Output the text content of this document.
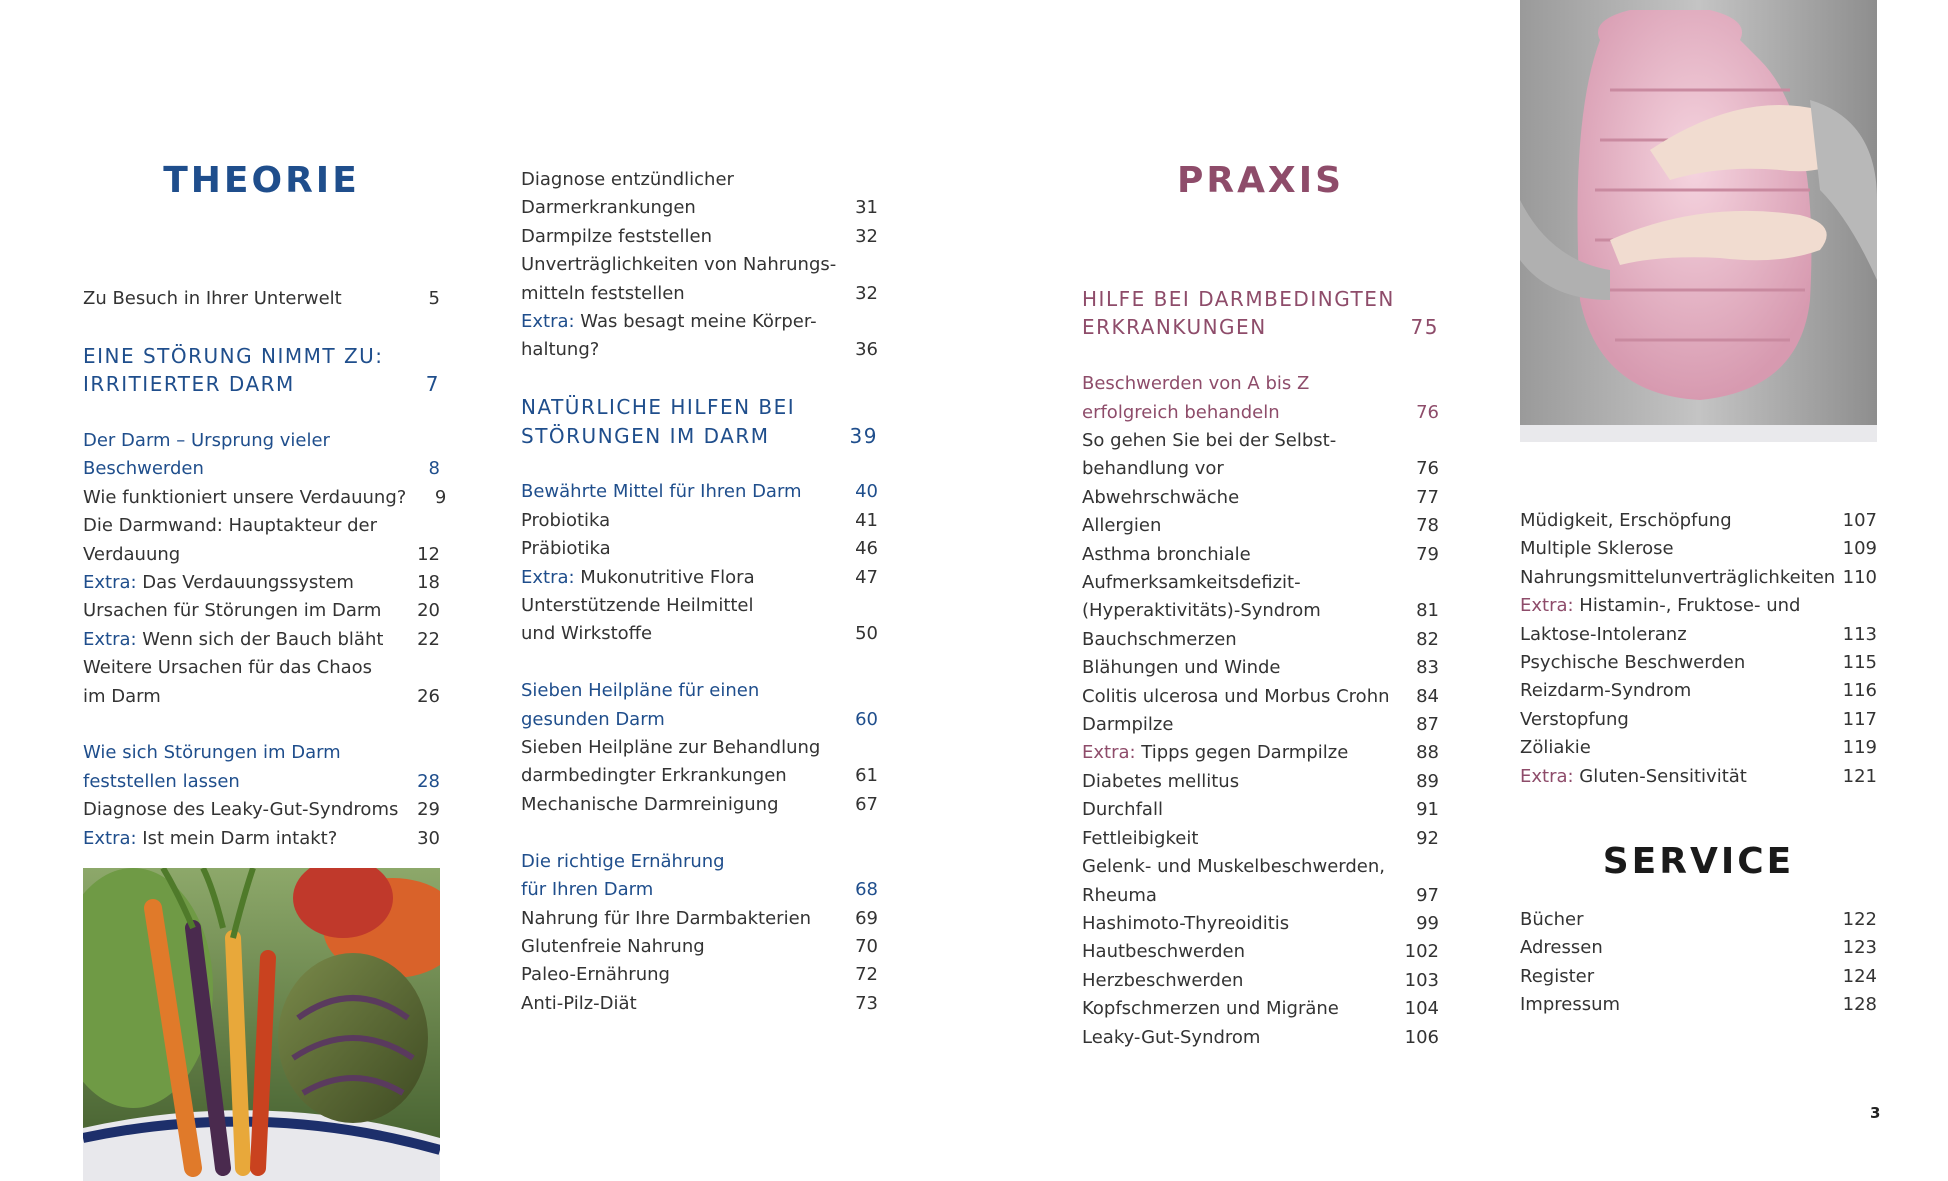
THEORIE
Zu Besuch in Ihrer Unterwelt	5
EINE STÖRUNG NIMMT ZU:
IRRITIERTER DARM	7
Der Darm – Ursprung vieler
Beschwerden	8
Wie funktioniert unsere Verdauung?	9
Die Darmwand: Hauptakteur der
Verdauung	12
Extra: Das Verdauungssystem	18
Ursachen für Störungen im Darm	20
Extra: Wenn sich der Bauch bläht	22
Weitere Ursachen für das Chaos
im Darm	26
Wie sich Störungen im Darm
feststellen lassen	28
Diagnose des Leaky-Gut-Syndroms	29
Extra: Ist mein Darm intakt?	30
Diagnose entzündlicher
Darmerkrankungen	31
Darmpilze feststellen	32
Unverträglichkeiten von Nahrungs-
mitteln feststellen	32
Extra: Was besagt meine Körper-
haltung?	36
NATÜRLICHE HILFEN BEI
STÖRUNGEN IM DARM	39
Bewährte Mittel für Ihren Darm	40
Probiotika	41
Präbiotika	46
Extra: Mukonutritive Flora	47
Unterstützende Heilmittel
und Wirkstoffe	50
Sieben Heilpläne für einen
gesunden Darm	60
Sieben Heilpläne zur Behandlung
darmbedingter Erkrankungen	61
Mechanische Darmreinigung	67
Die richtige Ernährung
für Ihren Darm	68
Nahrung für Ihre Darmbakterien	69
Glutenfreie Nahrung	70
Paleo-Ernährung	72
Anti-Pilz-Diät	73
PRAXIS
HILFE BEI DARMBEDINGTEN
ERKRANKUNGEN	75
Beschwerden von A bis Z
erfolgreich behandeln	76
So gehen Sie bei der Selbst-
behandlung vor	76
Abwehrschwäche	77
Allergien	78
Asthma bronchiale	79
Aufmerksamkeitsdefizit-
(Hyperaktivitäts)-Syndrom	81
Bauchschmerzen	82
Blähungen und Winde	83
Colitis ulcerosa und Morbus Crohn	84
Darmpilze	87
Extra: Tipps gegen Darmpilze	88
Diabetes mellitus	89
Durchfall	91
Fettleibigkeit	92
Gelenk- und Muskelbeschwerden,
Rheuma	97
Hashimoto-Thyreoiditis	99
Hautbeschwerden	102
Herzbeschwerden	103
Kopfschmerzen und Migräne	104
Leaky-Gut-Syndrom	106
Müdigkeit, Erschöpfung	107
Multiple Sklerose	109
Nahrungsmittelunverträglichkeiten 110
Extra: Histamin-, Fruktose- und
Laktose-Intoleranz	113
Psychische Beschwerden	115
Reizdarm-Syndrom	116
Verstopfung	117
Zöliakie	119
Extra: Gluten-Sensitivität	121
SERVICE
Bücher	122
Adressen	123
Register	124
Impressum	128
3
